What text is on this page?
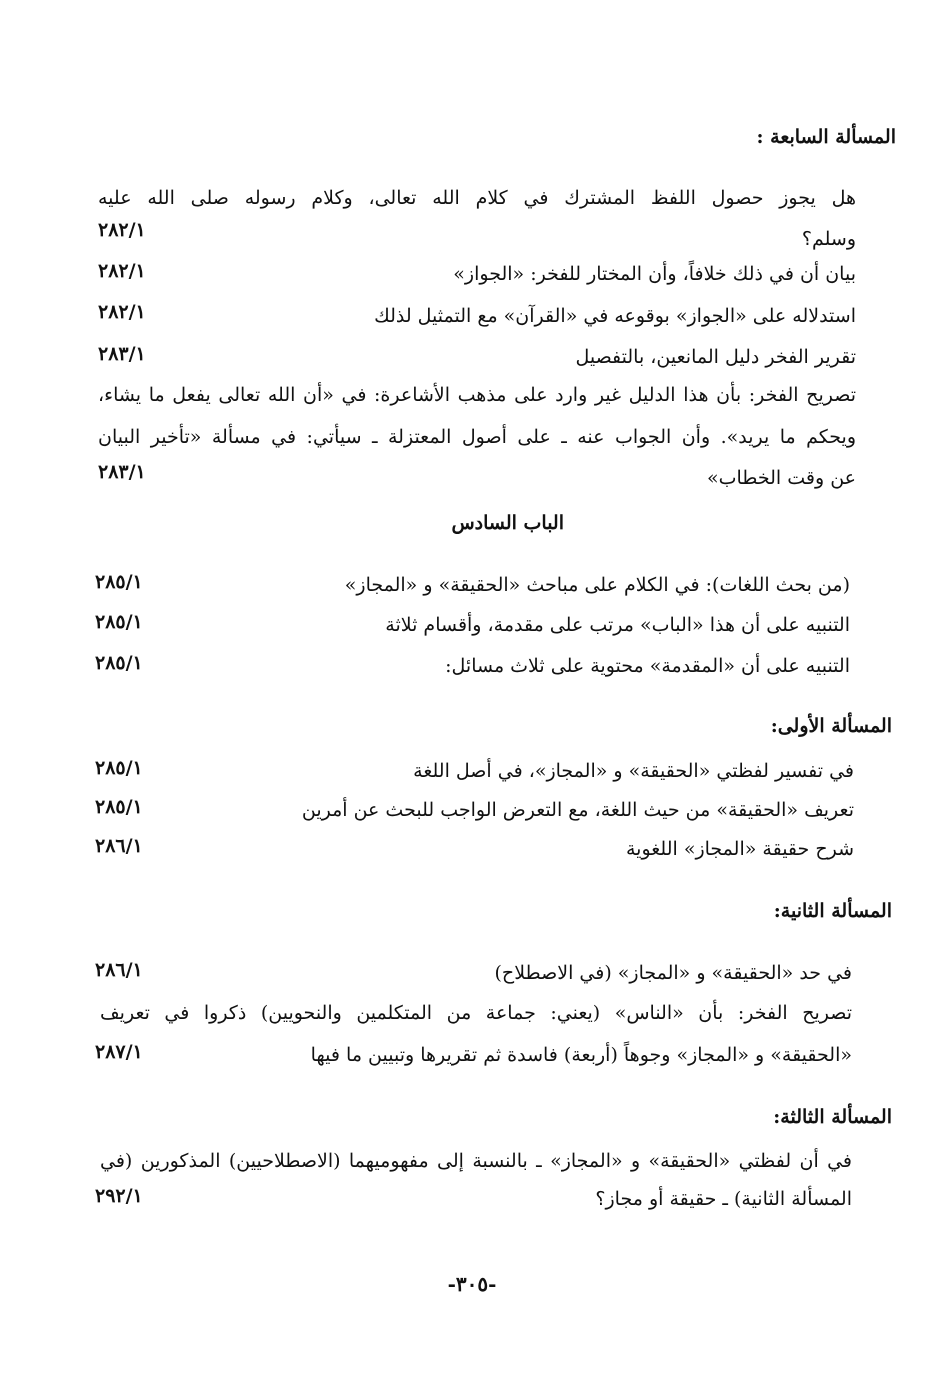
المسألة السابعة :
هل يجوز حصول اللفظ المشترك في كلام الله تعالى، وكلام رسوله صلى الله عليه
وسلم؟
٢٨٢/١
بيان أن في ذلك خلافاً، وأن المختار للفخر: «الجواز»
٢٨٢/١
استدلاله على «الجواز» بوقوعه في «القرآن» مع التمثيل لذلك
٢٨٢/١
تقرير الفخر دليل المانعين، بالتفصيل
٢٨٣/١
تصريح الفخر: بأن هذا الدليل غير وارد على مذهب الأشاعرة: في «أن الله تعالى يفعل ما يشاء،
ويحكم ما يريد». وأن الجواب عنه ـ على أصول المعتزلة ـ سيأتي: في مسألة «تأخير البيان
عن وقت الخطاب»
٢٨٣/١
الباب السادس
(من بحث اللغات): في الكلام على مباحث «الحقيقة» و «المجاز»
٢٨٥/١
التنبيه على أن هذا «الباب» مرتب على مقدمة، وأقسام ثلاثة
٢٨٥/١
التنبيه على أن «المقدمة» محتوية على ثلاث مسائل:
٢٨٥/١
المسألة الأولى:
في تفسير لفظتي «الحقيقة» و «المجاز»، في أصل اللغة
٢٨٥/١
تعريف «الحقيقة» من حيث اللغة، مع التعرض الواجب للبحث عن أمرين
٢٨٥/١
شرح حقيقة «المجاز» اللغوية
٢٨٦/١
المسألة الثانية:
في حد «الحقيقة» و «المجاز» (في الاصطلاح)
٢٨٦/١
تصريح الفخر: بأن «الناس» (يعني: جماعة من المتكلمين والنحويين) ذكروا في تعريف
«الحقيقة» و «المجاز» وجوهاً (أربعة) فاسدة ثم تقريرها وتبيين ما فيها
٢٨٧/١
المسألة الثالثة:
في أن لفظتي «الحقيقة» و «المجاز» ـ بالنسبة إلى مفهوميهما (الاصطلاحيين) المذكورين (في
المسألة الثانية) ـ حقيقة أو مجاز؟
٢٩٢/١
-٣٠٥-
